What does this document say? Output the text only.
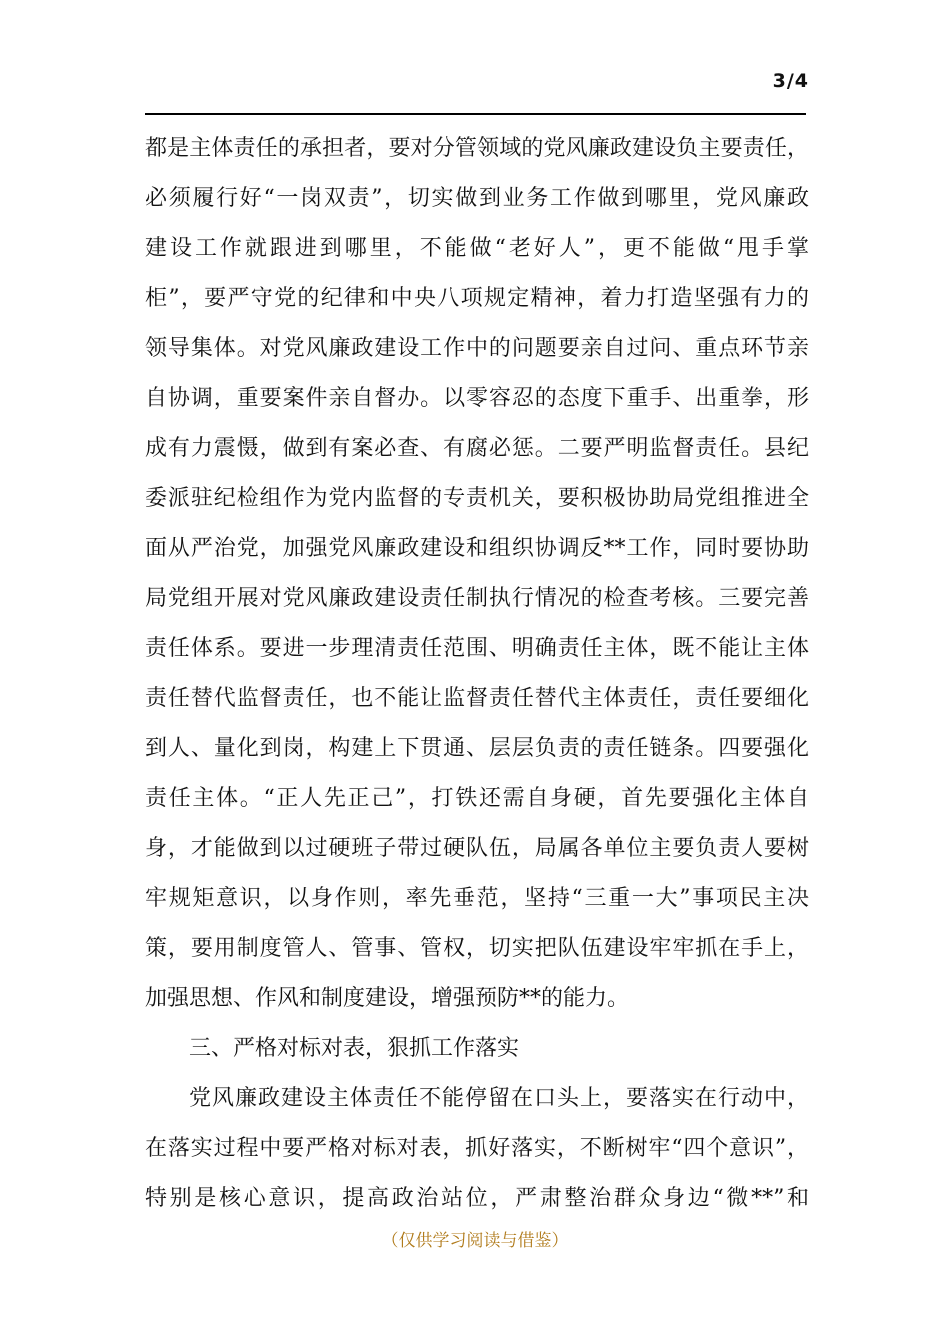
3/4
都是主体责任的承担者，要对分管领域的党风廉政建设负主要责任，
必须履行好“一岗双责”，切实做到业务工作做到哪里，党风廉政
建设工作就跟进到哪里，不能做“老好人”，更不能做“甩手掌
柜”，要严守党的纪律和中央八项规定精神，着力打造坚强有力的
领导集体。对党风廉政建设工作中的问题要亲自过问、重点环节亲
自协调，重要案件亲自督办。以零容忍的态度下重手、出重拳，形
成有力震慑，做到有案必查、有腐必惩。二要严明监督责任。县纪
委派驻纪检组作为党内监督的专责机关，要积极协助局党组推进全
面从严治党，加强党风廉政建设和组织协调反**工作，同时要协助
局党组开展对党风廉政建设责任制执行情况的检查考核。三要完善
责任体系。要进一步理清责任范围、明确责任主体，既不能让主体
责任替代监督责任，也不能让监督责任替代主体责任，责任要细化
到人、量化到岗，构建上下贯通、层层负责的责任链条。四要强化
责任主体。“正人先正己”，打铁还需自身硬，首先要强化主体自
身，才能做到以过硬班子带过硬队伍，局属各单位主要负责人要树
牢规矩意识，以身作则，率先垂范，坚持“三重一大”事项民主决
策，要用制度管人、管事、管权，切实把队伍建设牢牢抓在手上，
加强思想、作风和制度建设，增强预防**的能力。
三、严格对标对表，狠抓工作落实
党风廉政建设主体责任不能停留在口头上，要落实在行动中，
在落实过程中要严格对标对表，抓好落实，不断树牢“四个意识”，
特别是核心意识，提高政治站位，严肃整治群众身边“微**”和
（仅供学习阅读与借鉴）
